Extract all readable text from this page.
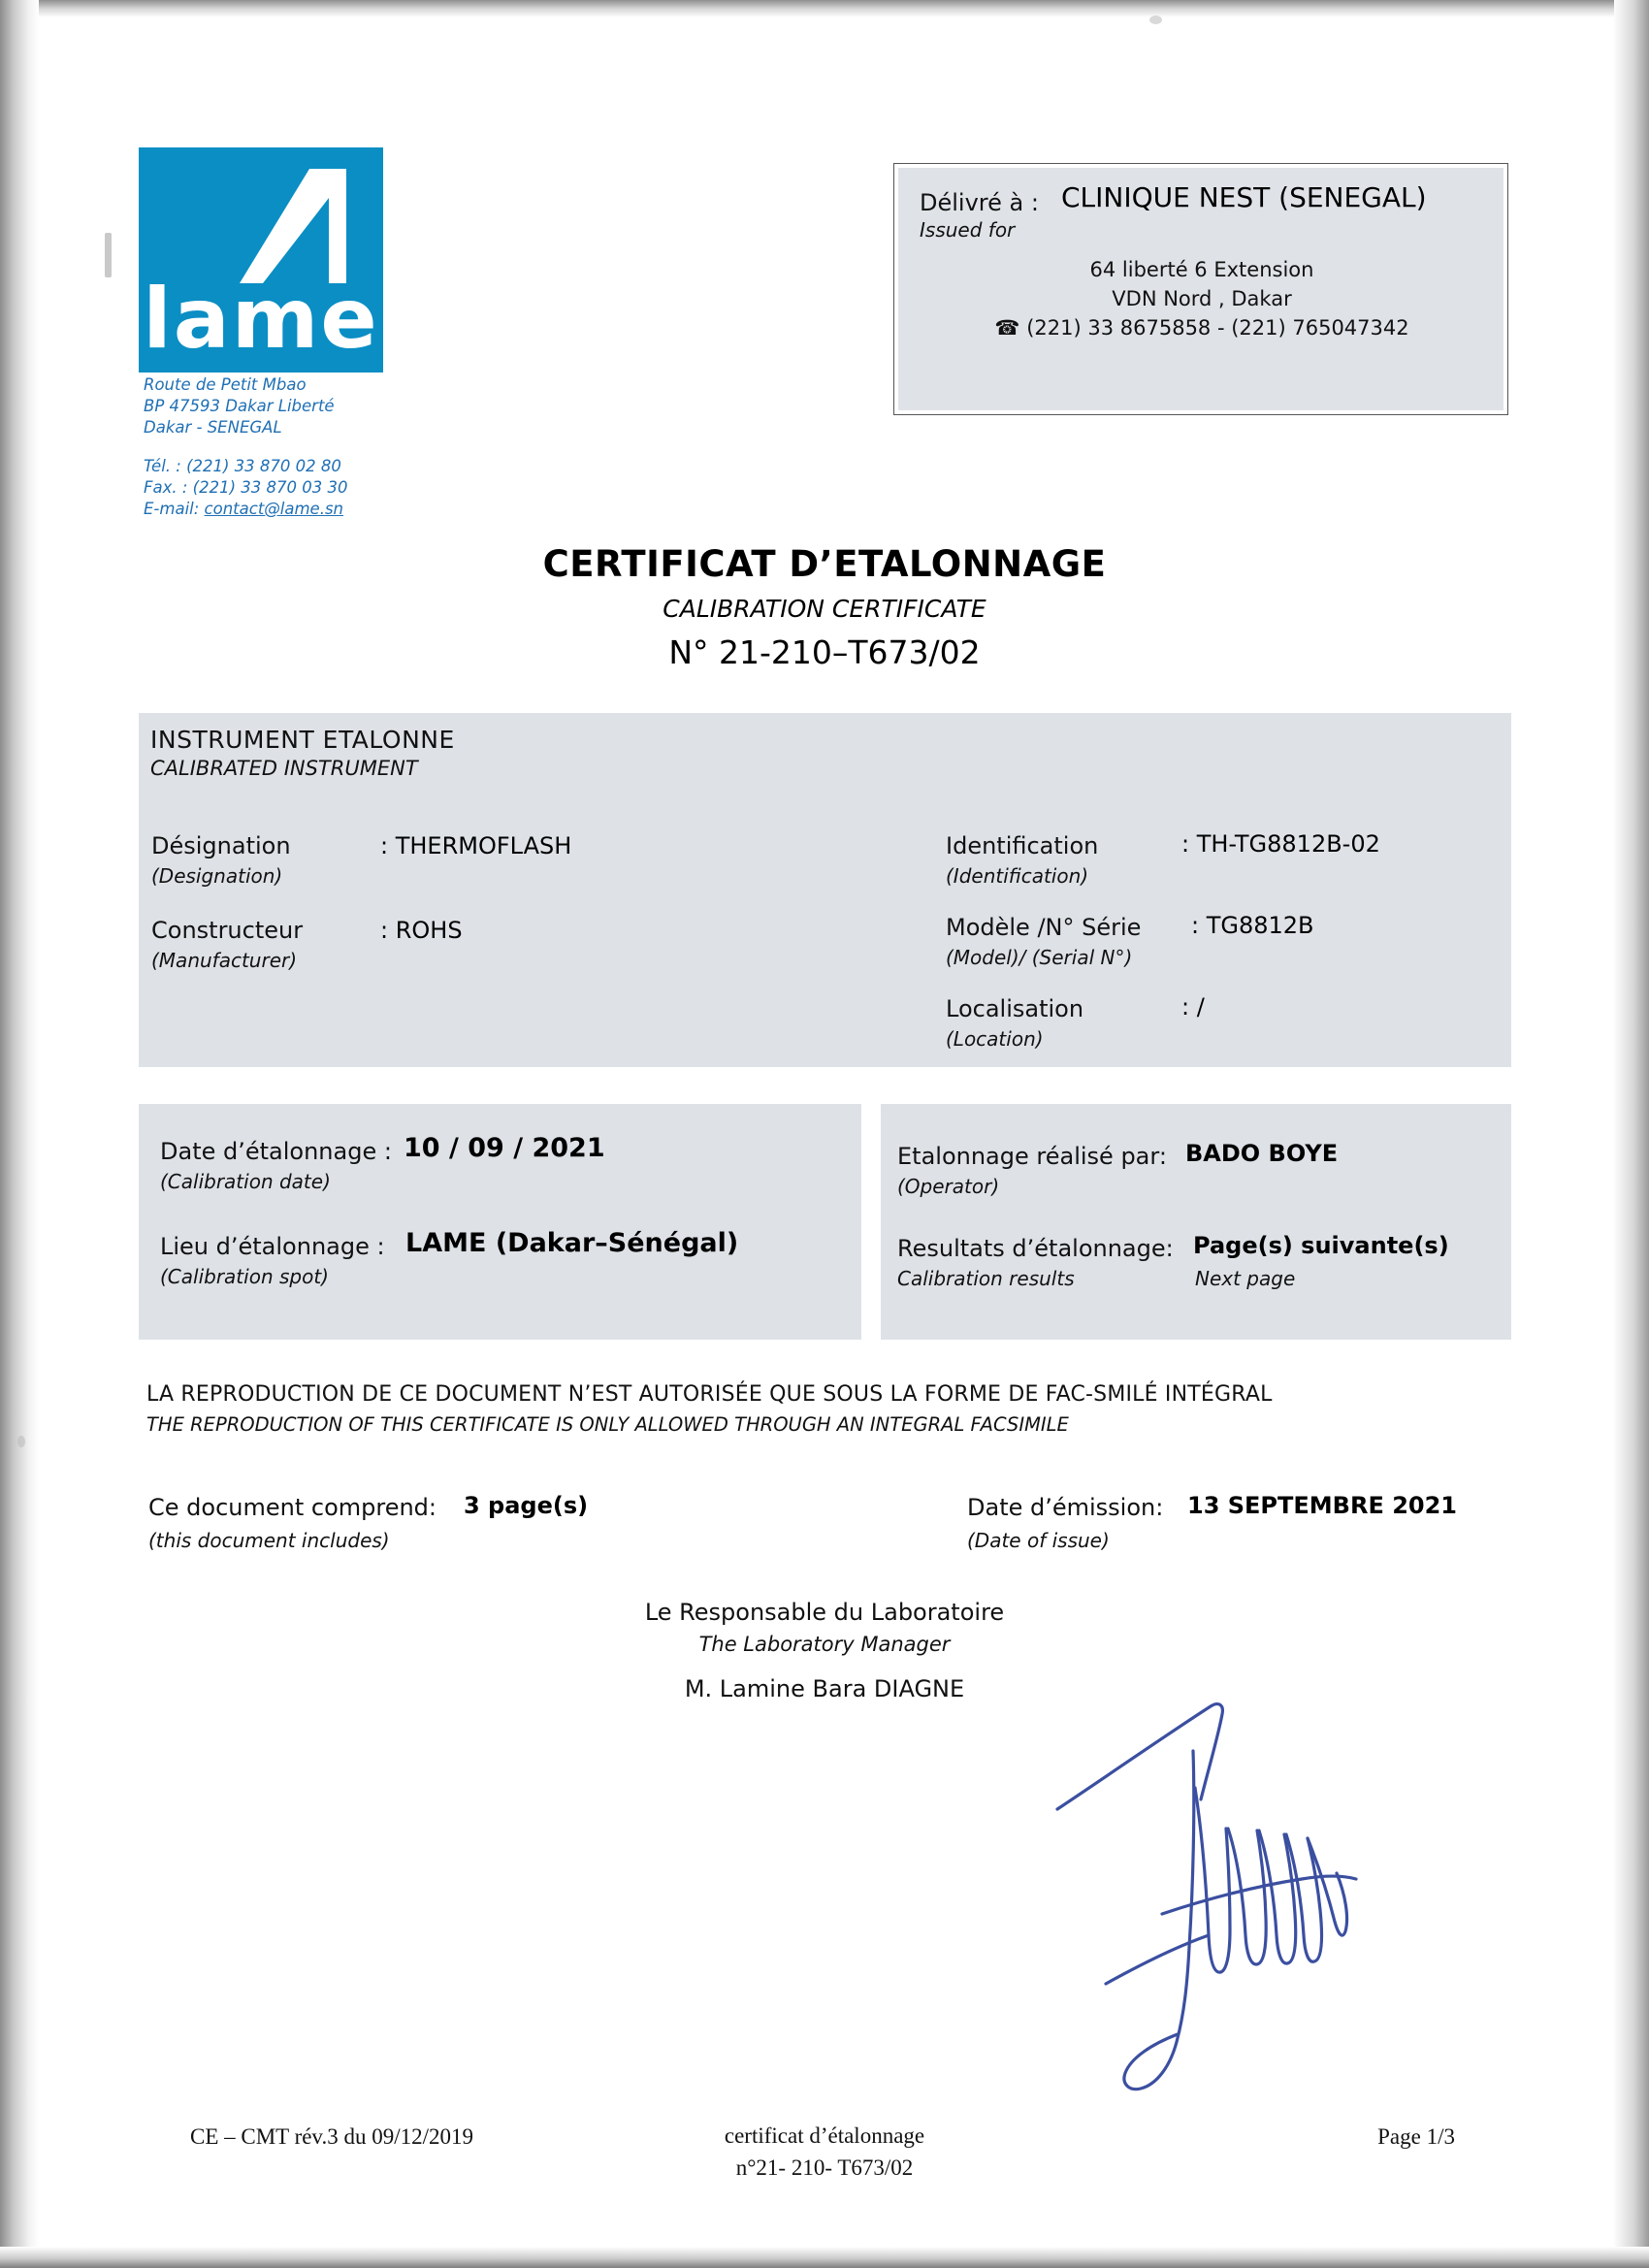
lame
Route de Petit Mbao
BP 47593 Dakar Liberté
Dakar - SENEGAL
Tél. : (221) 33 870 02 80
Fax. : (221) 33 870 03 30
E-mail: contact@lame.sn
Délivré à :
Issued for
CLINIQUE NEST (SENEGAL)
64 liberté 6 Extension
VDN Nord , Dakar
☎ (221) 33 8675858 - (221) 765047342
CERTIFICAT D’ETALONNAGE
CALIBRATION CERTIFICATE
N° 21-210–T673/02
INSTRUMENT ETALONNE
CALIBRATED INSTRUMENT
Désignation
(Designation)
: THERMOFLASH
Constructeur
(Manufacturer)
: ROHS
Identification
(Identification)
: TH-TG8812B-02
Modèle /N° Série
(Model)/ (Serial N°)
: TG8812B
Localisation
(Location)
: /
Date d’étalonnage :
(Calibration date)
10 / 09 / 2021
Lieu d’étalonnage :
(Calibration spot)
LAME (Dakar–Sénégal)
Etalonnage réalisé par:
(Operator)
BADO BOYE
Resultats d’étalonnage:
Calibration results
Page(s) suivante(s)
Next page
LA REPRODUCTION DE CE DOCUMENT N’EST AUTORISÉE QUE SOUS LA FORME DE FAC-SMILÉ INTÉGRAL
THE REPRODUCTION OF THIS CERTIFICATE IS ONLY ALLOWED THROUGH AN INTEGRAL FACSIMILE
Ce document comprend: 3 page(s)
(this document includes)
Date d’émission: 13 SEPTEMBRE 2021
(Date of issue)
Le Responsable du Laboratoire
The Laboratory Manager
M. Lamine Bara DIAGNE
CE – CMT rév.3 du 09/12/2019	certificat d’étalonnage
n°21- 210- T673/02
Page 1/3
